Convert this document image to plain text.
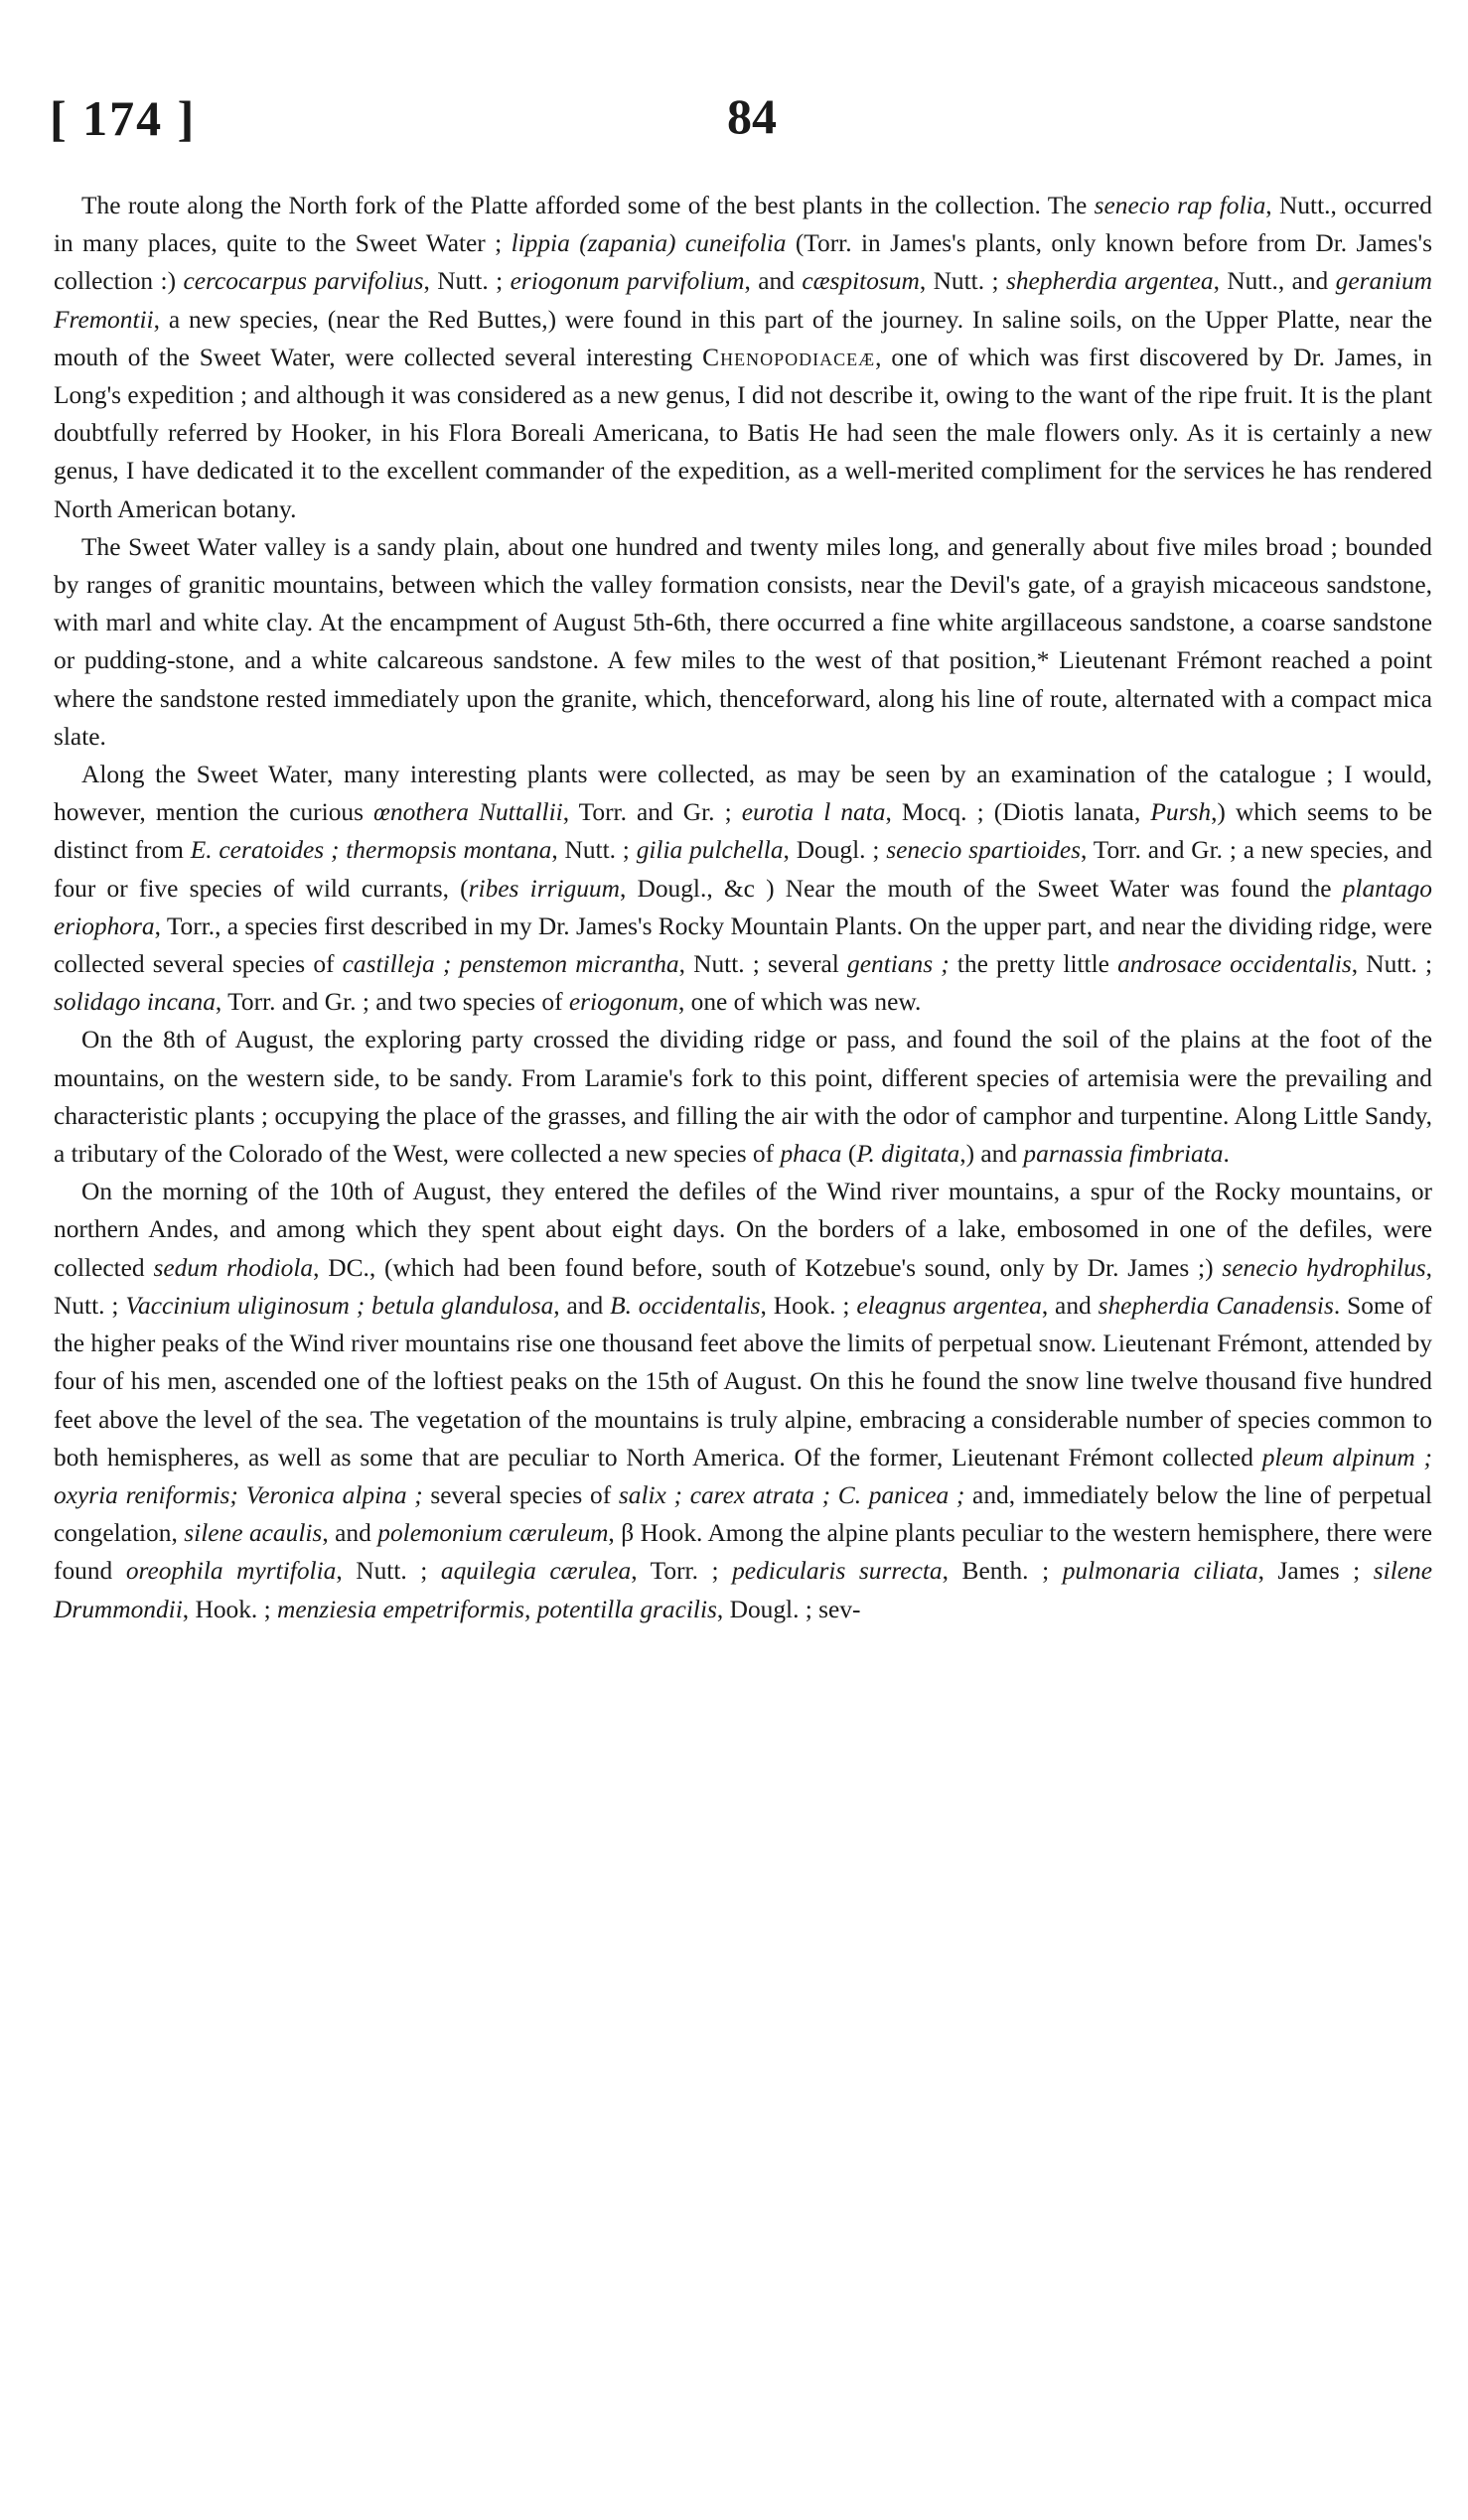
[ 174 ]	84

The route along the North fork of the Platte afforded some of the best plants in the collection. The senecio rap folia, Nutt., occurred in many places, quite to the Sweet Water ; lippia (zapania) cuneifolia (Torr. in James's plants, only known before from Dr. James's collection :) cercocarpus parvifolius, Nutt. ; eriogonum parvifolium, and cæspitosum, Nutt. ; shepherdia argentea, Nutt., and geranium Fremontii, a new species, (near the Red Buttes,) were found in this part of the journey. In saline soils, on the Upper Platte, near the mouth of the Sweet Water, were collected several interesting Chenopodiaceæ, one of which was first discovered by Dr. James, in Long's expedition ; and although it was considered as a new genus, I did not describe it, owing to the want of the ripe fruit. It is the plant doubtfully referred by Hooker, in his Flora Boreali Americana, to Batis He had seen the male flowers only. As it is certainly a new genus, I have dedicated it to the excellent commander of the expedition, as a well-merited compliment for the services he has rendered North American botany.

The Sweet Water valley is a sandy plain, about one hundred and twenty miles long, and generally about five miles broad ; bounded by ranges of granitic mountains, between which the valley formation consists, near the Devil's gate, of a grayish micaceous sandstone, with marl and white clay. At the encampment of August 5th-6th, there occurred a fine white argillaceous sandstone, a coarse sandstone or pudding-stone, and a white calcareous sandstone. A few miles to the west of that position,* Lieutenant Frémont reached a point where the sandstone rested immediately upon the granite, which, thenceforward, along his line of route, alternated with a compact mica slate.

Along the Sweet Water, many interesting plants were collected, as may be seen by an examination of the catalogue ; I would, however, mention the curious œnothera Nuttallii, Torr. and Gr. ; eurotia l nata, Mocq. ; (Diotis lanata, Pursh,) which seems to be distinct from E. ceratoides ; thermopsis montana, Nutt. ; gilia pulchella, Dougl. ; senecio spartioides, Torr. and Gr. ; a new species, and four or five species of wild currants, (ribes irriguum, Dougl., &c ) Near the mouth of the Sweet Water was found the plantago eriophora, Torr., a species first described in my Dr. James's Rocky Mountain Plants. On the upper part, and near the dividing ridge, were collected several species of castilleja ; penstemon micrantha, Nutt. ; several gentians ; the pretty little androsace occidentalis, Nutt. ; solidago incana, Torr. and Gr. ; and two species of eriogonum, one of which was new.

On the 8th of August, the exploring party crossed the dividing ridge or pass, and found the soil of the plains at the foot of the mountains, on the western side, to be sandy. From Laramie's fork to this point, different species of artemisia were the prevailing and characteristic plants ; occupying the place of the grasses, and filling the air with the odor of camphor and turpentine. Along Little Sandy, a tributary of the Colorado of the West, were collected a new species of phaca (P. digitata,) and parnassia fimbriata.

On the morning of the 10th of August, they entered the defiles of the Wind river mountains, a spur of the Rocky mountains, or northern Andes, and among which they spent about eight days. On the borders of a lake, embosomed in one of the defiles, were collected sedum rhodiola, DC., (which had been found before, south of Kotzebue's sound, only by Dr. James ;) senecio hydrophilus, Nutt. ; Vaccinium uliginosum ; betula glandulosa, and B. occidentalis, Hook. ; eleagnus argentea, and shepherdia Canadensis. Some of the higher peaks of the Wind river mountains rise one thousand feet above the limits of perpetual snow. Lieutenant Frémont, attended by four of his men, ascended one of the loftiest peaks on the 15th of August. On this he found the snow line twelve thousand five hundred feet above the level of the sea. The vegetation of the mountains is truly alpine, embracing a considerable number of species common to both hemispheres, as well as some that are peculiar to North America. Of the former, Lieutenant Frémont collected pleum alpinum ; oxyria reniformis; Veronica alpina ; several species of salix ; carex atrata ; C. panicea ; and, immediately below the line of perpetual congelation, silene acaulis, and polemonium cæruleum, β Hook. Among the alpine plants peculiar to the western hemisphere, there were found oreophila myrtifolia, Nutt. ; aquilegia cærulea, Torr. ; pedicularis surrecta, Benth. ; pulmonaria ciliata, James ; silene Drummondii, Hook. ; menziesia empetriformis, potentilla gracilis, Dougl. ; sev-
